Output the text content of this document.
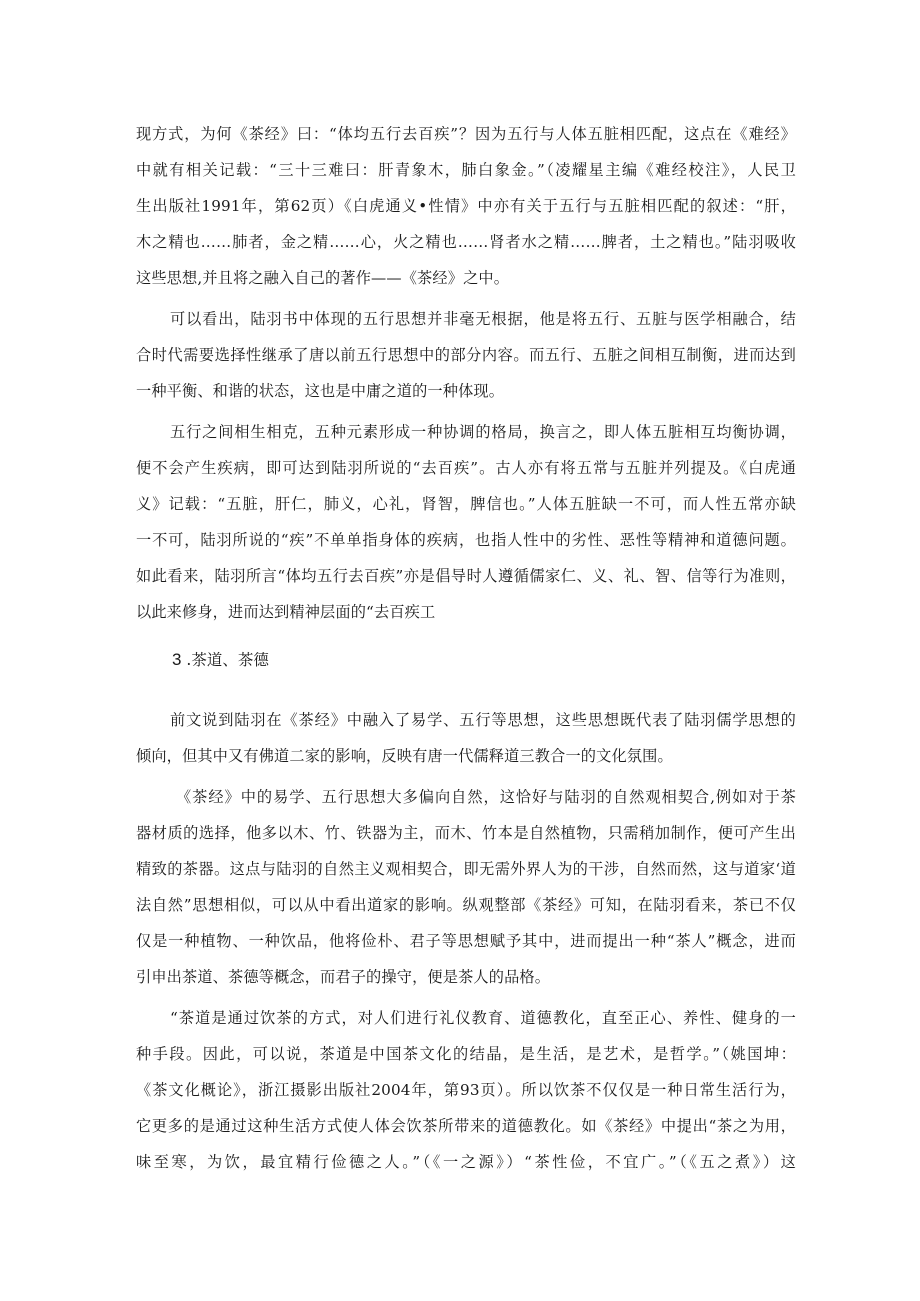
现方式，为何《茶经》曰：“体均五行去百疾”？因为五行与人体五脏相匹配，这点在《难经》
中就有相关记载：“三十三难曰：肝青象木，肺白象金。”（凌耀星主编《难经校注》，人民卫
生出版社1991年，第62页）《白虎通义•性情》中亦有关于五行与五脏相匹配的叙述：“肝，
木之精也……肺者，金之精……心，火之精也……肾者水之精……脾者，土之精也。”陆羽吸收
这些思想,并且将之融入自己的著作——《茶经》之中。
可以看出，陆羽书中体现的五行思想并非毫无根据，他是将五行、五脏与医学相融合，结
合时代需要选择性继承了唐以前五行思想中的部分内容。而五行、五脏之间相互制衡，进而达到
一种平衡、和谐的状态，这也是中庸之道的一种体现。
五行之间相生相克，五种元素形成一种协调的格局，换言之，即人体五脏相互均衡协调，
便不会产生疾病，即可达到陆羽所说的“去百疾”。古人亦有将五常与五脏并列提及。《白虎通
义》记载：“五脏，肝仁，肺义，心礼，肾智，脾信也。”人体五脏缺一不可，而人性五常亦缺
一不可，陆羽所说的“疾”不单单指身体的疾病，也指人性中的劣性、恶性等精神和道德问题。
如此看来，陆羽所言“体均五行去百疾”亦是倡导时人遵循儒家仁、义、礼、智、信等行为准则，
以此来修身，进而达到精神层面的“去百疾工
3 .茶道、茶德
前文说到陆羽在《茶经》中融入了易学、五行等思想，这些思想既代表了陆羽儒学思想的
倾向，但其中又有佛道二家的影响，反映有唐一代儒释道三教合一的文化氛围。
《茶经》中的易学、五行思想大多偏向自然，这恰好与陆羽的自然观相契合,例如对于茶
器材质的选择，他多以木、竹、铁器为主，而木、竹本是自然植物，只需稍加制作，便可产生出
精致的茶器。这点与陆羽的自然主义观相契合，即无需外界人为的干涉，自然而然，这与道家‘道
法自然”思想相似，可以从中看出道家的影响。纵观整部《茶经》可知，在陆羽看来，茶已不仅
仅是一种植物、一种饮品，他将俭朴、君子等思想赋予其中，进而提出一种“茶人”概念，进而
引申出茶道、茶德等概念，而君子的操守，便是茶人的品格。
“茶道是通过饮茶的方式，对人们进行礼仪教育、道德教化，直至正心、养性、健身的一
种手段。因此，可以说，茶道是中国茶文化的结晶，是生活，是艺术，是哲学。”（姚国坤：
《茶文化概论》，浙江摄影出版社2004年，第93页）。所以饮茶不仅仅是一种日常生活行为，
它更多的是通过这种生活方式使人体会饮茶所带来的道德教化。如《茶经》中提出“茶之为用，
味至寒，为饮，最宜精行俭德之人。”（《一之源》）“茶性俭，不宜广。”（《五之煮》）这
